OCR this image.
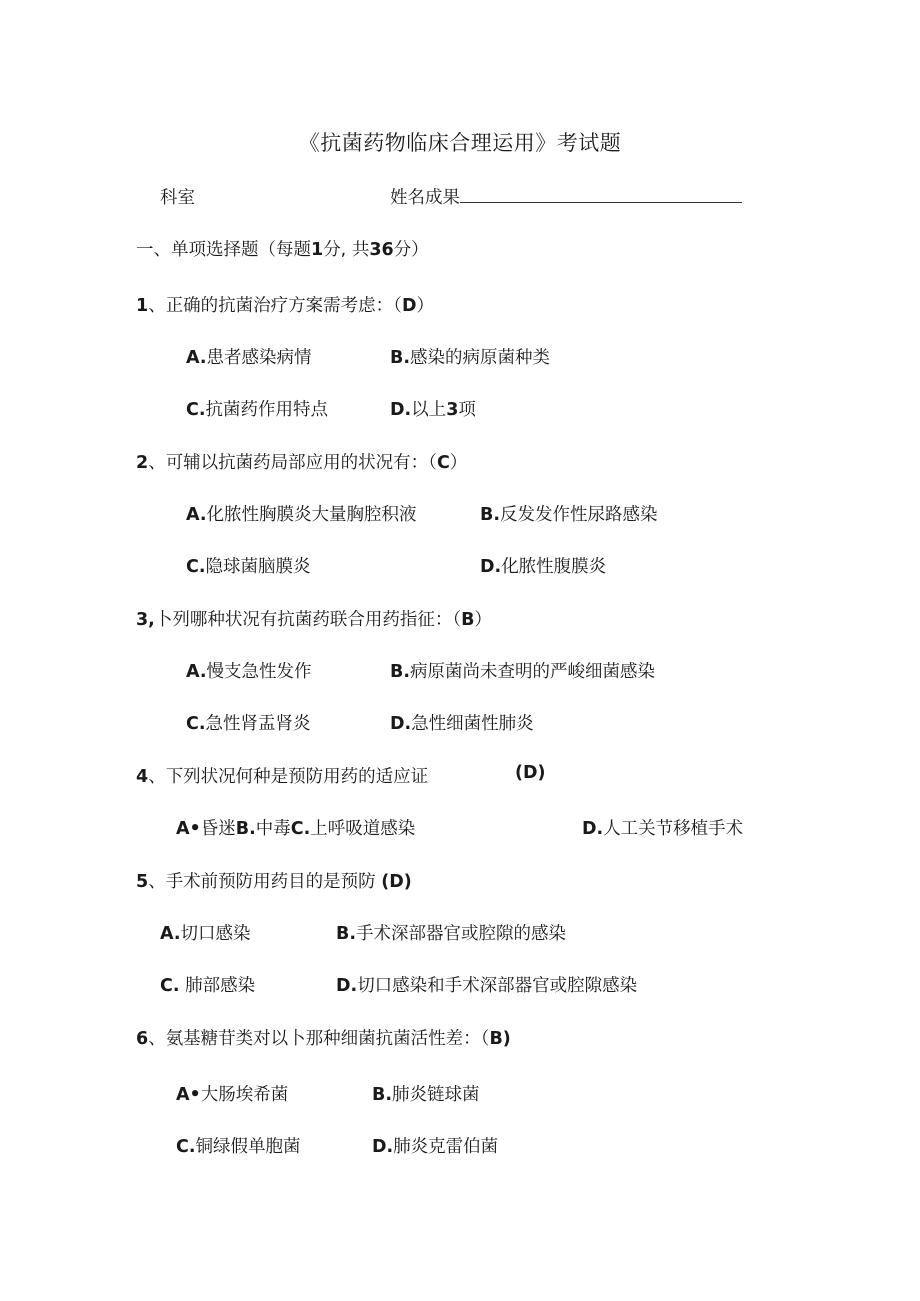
《抗菌药物临床合理运用》考试题
科室	姓名成果
一、单项选择题（每题1分, 共36分）
1、正确的抗菌治疗方案需考虑：（D）
A.患者感染病情	B.感染的病原菌种类
C.抗菌药作用特点	D.以上3项
2、可辅以抗菌药局部应用的状况有：（C）
A.化脓性胸膜炎大量胸腔积液	B.反发发作性尿路感染
C.隐球菌脑膜炎	D.化脓性腹膜炎
3,卜列哪种状况有抗菌药联合用药指征：（B）
A.慢支急性发作	B.病原菌尚未查明的严峻细菌感染
C.急性肾盂肾炎	D.急性细菌性肺炎
4、下列状况何种是预防用药的适应证	(D)
A•昏迷B.中毒C.上呼吸道感染	D.人工关节移植手术
5、手术前预防用药目的是预防 (D)
A.切口感染	B.手术深部器官或腔隙的感染
C. 肺部感染	D.切口感染和手术深部器官或腔隙感染
6、氨基糖苷类对以卜那种细菌抗菌活性差：（B)
A•大肠埃希菌	B.肺炎链球菌
C.铜绿假单胞菌	D.肺炎克雷伯菌
